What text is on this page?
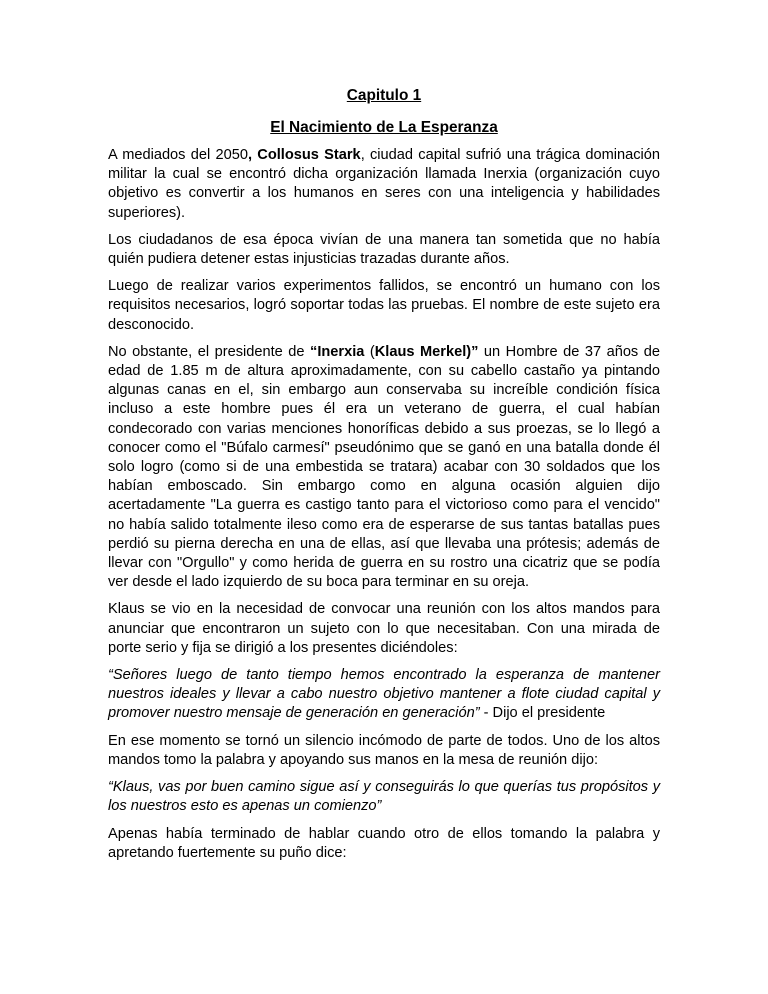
Capitulo 1
El Nacimiento de La Esperanza

A mediados del 2050, Collosus Stark, ciudad capital sufrió una trágica dominación militar la cual se encontró dicha organización llamada Inerxia (organización cuyo objetivo es convertir a los humanos en seres con una inteligencia y habilidades superiores).

Los ciudadanos de esa época vivían de una manera tan sometida que no había quién pudiera detener estas injusticias trazadas durante años.

Luego de realizar varios experimentos fallidos, se encontró un humano con los requisitos necesarios, logró soportar todas las pruebas. El nombre de este sujeto era desconocido.

No obstante, el presidente de “Inerxia (Klaus Merkel)” un Hombre de 37 años de edad de 1.85 m de altura aproximadamente, con su cabello castaño ya pintando algunas canas en el, sin embargo aun conservaba su increíble condición física incluso a este hombre pues él era un veterano de guerra, el cual habían condecorado con varias menciones honoríficas debido a sus proezas, se lo llegó a conocer como el "Búfalo carmesí" pseudónimo que se ganó en una batalla donde él solo logro (como si de una embestida se tratara) acabar con 30 soldados que los habían emboscado. Sin embargo como en alguna ocasión alguien dijo acertadamente "La guerra es castigo tanto para el victorioso como para el vencido" no había salido totalmente ileso como era de esperarse de sus tantas batallas pues perdió su pierna derecha en una de ellas, así que llevaba una prótesis; además de llevar con "Orgullo" y como herida de guerra en su rostro una cicatriz que se podía ver desde el lado izquierdo de su boca para terminar en su oreja.

Klaus se vio en la necesidad de convocar una reunión con los altos mandos para anunciar que encontraron un sujeto con lo que necesitaban. Con una mirada de porte serio y fija se dirigió a los presentes diciéndoles:

“Señores luego de tanto tiempo hemos encontrado la esperanza de mantener nuestros ideales y llevar a cabo nuestro objetivo mantener a flote ciudad capital y promover nuestro mensaje de generación en generación” - Dijo el presidente

En ese momento se tornó un silencio incómodo de parte de todos. Uno de los altos mandos tomo la palabra y apoyando sus manos en la mesa de reunión dijo:

“Klaus, vas por buen camino sigue así y conseguirás lo que querías tus propósitos y los nuestros esto es apenas un comienzo”

Apenas había terminado de hablar cuando otro de ellos tomando la palabra y apretando fuertemente su puño dice:
